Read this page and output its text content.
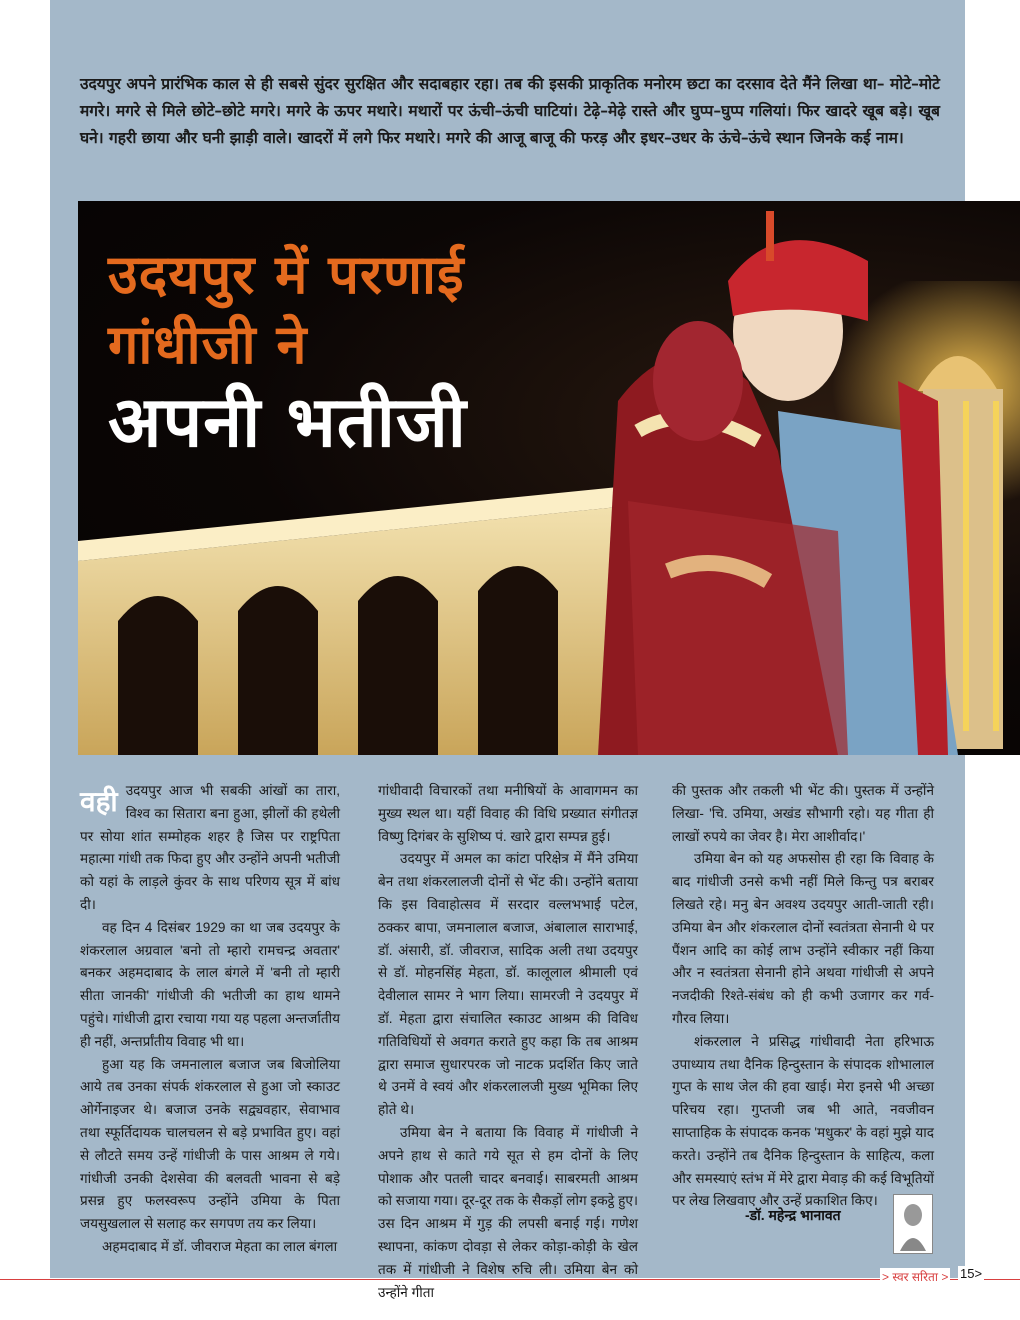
उदयपुर अपने प्रारंभिक काल से ही सबसे सुंदर सुरक्षित और सदाबहार रहा। तब की इसकी प्राकृतिक मनोरम छटा का दरसाव देते मैंने लिखा था– मोटे–मोटे मगरे। मगरे से मिले छोटे–छोटे मगरे। मगरे के ऊपर मथारे। मथारों पर ऊंची–ऊंची घाटियां। टेढ़े–मेढ़े रास्ते और घुप्प–घुप्प गलियां। फिर खादरे खूब बड़े। खूब घने। गहरी छाया और घनी झाड़ी वाले। खादरों में लगे फिर मथारे। मगरे की आजू बाजू की फरड़ और इधर–उधर के ऊंचे–ऊंचे स्थान जिनके कई नाम।

उदयपुर में परणाई
गांधीजी ने
अपनी भतीजी
वही उदयपुर आज भी सबकी आंखों का तारा, विश्व का सितारा बना हुआ, झीलों की हथेली पर सोया शांत सम्मोहक शहर है जिस पर राष्ट्रपिता महात्मा गांधी तक फिदा हुए और उन्होंने अपनी भतीजी को यहां के लाड़ले कुंवर के साथ परिणय सूत्र में बांध दी।

वह दिन 4 दिसंबर 1929 का था जब उदयपुर के शंकरलाल अग्रवाल 'बनो तो म्हारो रामचन्द्र अवतार' बनकर अहमदाबाद के लाल बंगले में 'बनी तो म्हारी सीता जानकी' गांधीजी की भतीजी का हाथ थामने पहुंचे। गांधीजी द्वारा रचाया गया यह पहला अन्तर्जातीय ही नहीं, अन्तर्प्रांतीय विवाह भी था।

हुआ यह कि जमनालाल बजाज जब बिजोलिया आये तब उनका संपर्क शंकरलाल से हुआ जो स्काउट ओर्गेनाइजर थे। बजाज उनके सद्व्यवहार, सेवाभाव तथा स्फूर्तिदायक चालचलन से बड़े प्रभावित हुए। वहां से लौटते समय उन्हें गांधीजी के पास आश्रम ले गये। गांधीजी उनकी देशसेवा की बलवती भावना से बड़े प्रसन्न हुए फलस्वरूप उन्होंने उमिया के पिता जयसुखलाल से सलाह कर सगपण तय कर लिया।

अहमदाबाद में डॉ. जीवराज मेहता का लाल बंगला

गांधीवादी विचारकों तथा मनीषियों के आवागमन का मुख्य स्थल था। यहीं विवाह की विधि प्रख्यात संगीतज्ञ विष्णु दिगंबर के सुशिष्य पं. खारे द्वारा सम्पन्न हुई।

उदयपुर में अमल का कांटा परिक्षेत्र में मैंने उमिया बेन तथा शंकरलालजी दोनों से भेंट की। उन्होंने बताया कि इस विवाहोत्सव में सरदार वल्लभभाई पटेल, ठक्कर बापा, जमनालाल बजाज, अंबालाल साराभाई, डॉ. अंसारी, डॉ. जीवराज, सादिक अली तथा उदयपुर से डॉ. मोहनसिंह मेहता, डॉ. कालूलाल श्रीमाली एवं देवीलाल सामर ने भाग लिया। सामरजी ने उदयपुर में डॉ. मेहता द्वारा संचालित स्काउट आश्रम की विविध गतिविधियों से अवगत कराते हुए कहा कि तब आश्रम द्वारा समाज सुधारपरक जो नाटक प्रदर्शित किए जाते थे उनमें वे स्वयं और शंकरलालजी मुख्य भूमिका लिए होते थे।

उमिया बेन ने बताया कि विवाह में गांधीजी ने अपने हाथ से काते गये सूत से हम दोनों के लिए पोशाक और पतली चादर बनवाई। साबरमती आश्रम को सजाया गया। दूर-दूर तक के सैकड़ों लोग इकट्ठे हुए। उस दिन आश्रम में गुड़ की लपसी बनाई गई। गणेश स्थापना, कांकण दोवड़ा से लेकर कोड़ा-कोड़ी के खेल तक में गांधीजी ने विशेष रुचि ली। उमिया बेन को उन्होंने गीता

की पुस्तक और तकली भी भेंट की। पुस्तक में उन्होंने लिखा- 'चि. उमिया, अखंड सौभागी रहो। यह गीता ही लाखों रुपये का जेवर है। मेरा आशीर्वाद।'

उमिया बेन को यह अफसोस ही रहा कि विवाह के बाद गांधीजी उनसे कभी नहीं मिले किन्तु पत्र बराबर लिखते रहे। मनु बेन अवश्य उदयपुर आती-जाती रही। उमिया बेन और शंकरलाल दोनों स्वतंत्रता सेनानी थे पर पैंशन आदि का कोई लाभ उन्होंने स्वीकार नहीं किया और न स्वतंत्रता सेनानी होने अथवा गांधीजी से अपने नजदीकी रिश्ते-संबंध को ही कभी उजागर कर गर्व-गौरव लिया।

शंकरलाल ने प्रसिद्ध गांधीवादी नेता हरिभाऊ उपाध्याय तथा दैनिक हिन्दुस्तान के संपादक शोभालाल गुप्त के साथ जेल की हवा खाई। मेरा इनसे भी अच्छा परिचय रहा। गुप्तजी जब भी आते, नवजीवन साप्ताहिक के संपादक कनक 'मधुकर' के वहां मुझे याद करते। उन्होंने तब दैनिक हिन्दुस्तान के साहित्य, कला और समस्याएं स्तंभ में मेरे द्वारा मेवाड़ की कई विभूतियों पर लेख लिखवाए और उन्हें प्रकाशित किए।

-डॉ. महेन्द्र भानावत

> स्वर सरिता > 15>
